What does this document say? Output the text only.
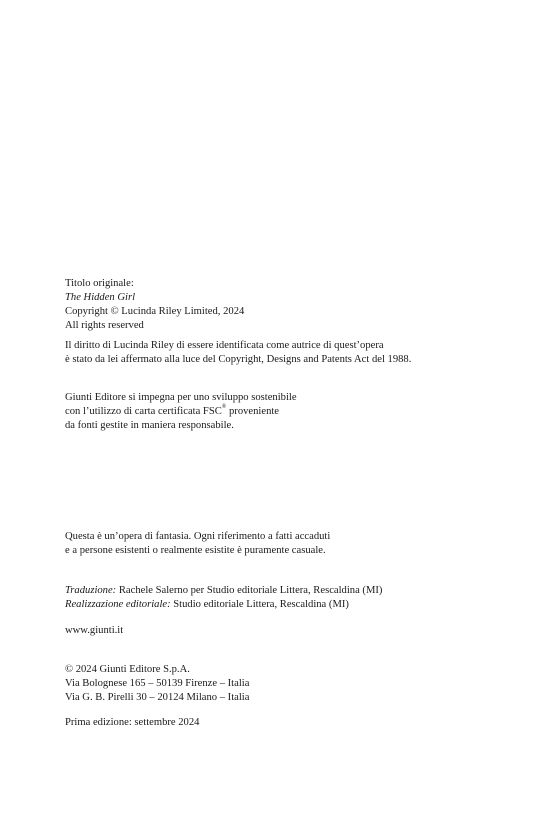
Titolo originale:
The Hidden Girl
Copyright © Lucinda Riley Limited, 2024
All rights reserved
Il diritto di Lucinda Riley di essere identificata come autrice di quest’opera
è stato da lei affermato alla luce del Copyright, Designs and Patents Act del 1988.
Giunti Editore si impegna per uno sviluppo sostenibile
con l’utilizzo di carta certificata FSC® proveniente
da fonti gestite in maniera responsabile.
Questa è un’opera di fantasia. Ogni riferimento a fatti accaduti
e a persone esistenti o realmente esistite è puramente casuale.
Traduzione: Rachele Salerno per Studio editoriale Littera, Rescaldina (MI)
Realizzazione editoriale: Studio editoriale Littera, Rescaldina (MI)
www.giunti.it
© 2024 Giunti Editore S.p.A.
Via Bolognese 165 – 50139 Firenze – Italia
Via G. B. Pirelli 30 – 20124 Milano – Italia
Prima edizione: settembre 2024
